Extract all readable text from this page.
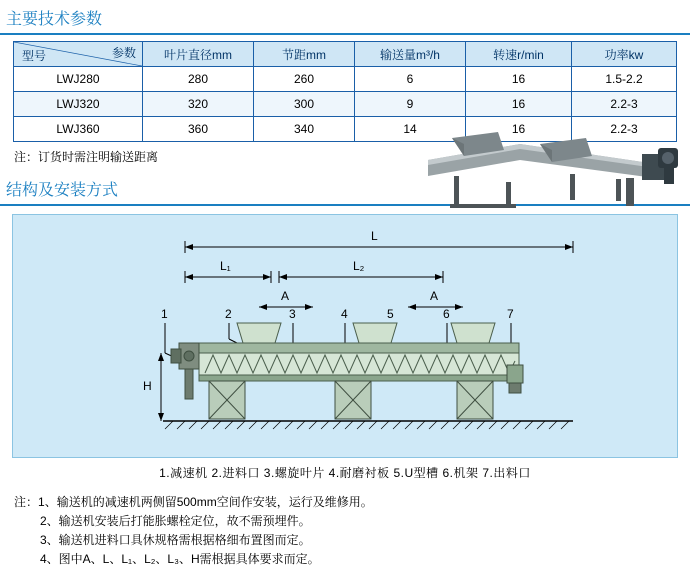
主要技术参数
参数
型号	叶片直径mm	节距mm	输送量m³/h	转速r/min	功率kw
LWJ280	280	260	6	16	1.5-2.2
LWJ320	320	300	9	16	2.2-3
LWJ360	360	340	14	16	2.2-3
注：订货时需注明输送距离
结构及安装方式
L
L₁	L₂
A	A
H
1	2	3	4	5	6	7
1.减速机 2.进料口 3.螺旋叶片 4.耐磨衬板 5.U型槽 6.机架 7.出料口
注：1、输送机的减速机两侧留500mm空间作安装，运行及维修用。
2、输送机安装后打能胀螺栓定位，故不需预埋件。
3、输送机进料口具休规格需根据格细布置图而定。
4、图中A、L、L₁、L₂、L₃、H需根据具体要求而定。
